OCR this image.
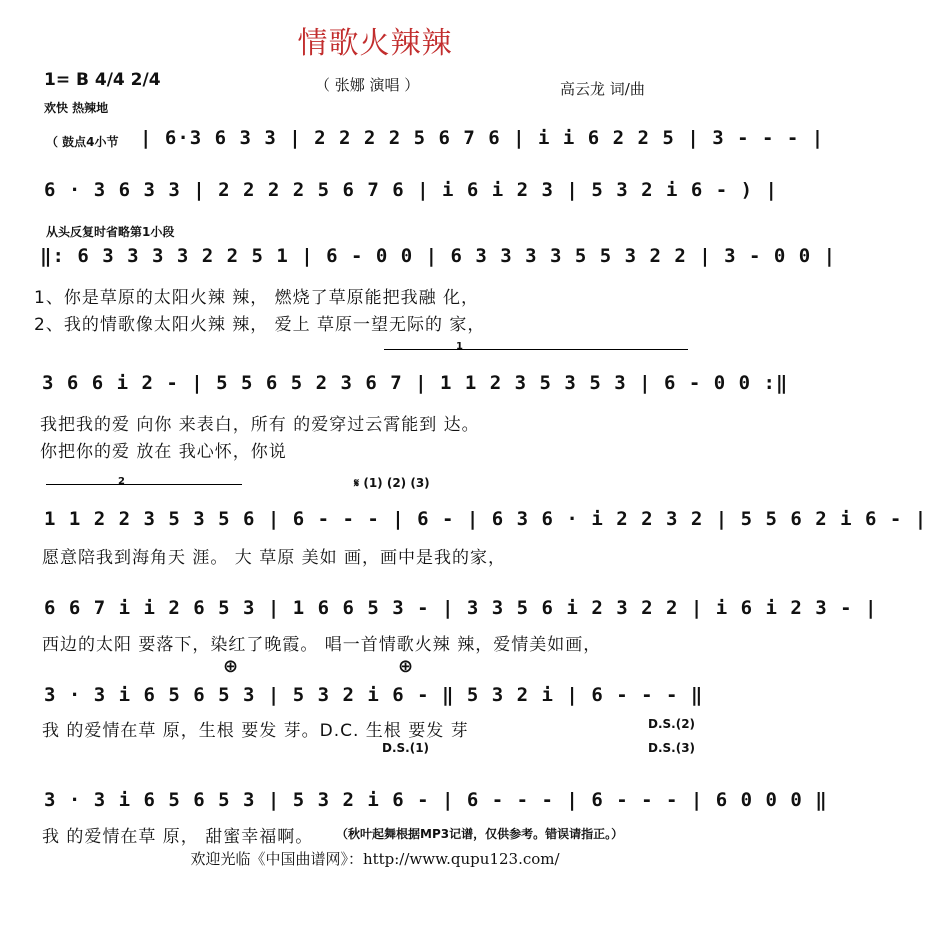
情歌火辣辣
（ 张娜 演唱 ）
1= B 4/4 2/4
欢快 热辣地
高云龙 词/曲
（ 鼓点4小节 | 6·3 6 3 3 | 2 2 2 2 5 6 7 6 | i i 6 2 2 5 | 3 - - - |
6 · 3 6 3 3 | 2 2 2 2 5 6 7 6 | i 6 i 2 3 | 5 3 2 i 6 - ) |
从头反复时省略第1小段
‖: 6 3 3 3 3 2 2 5 1 | 6 - 0 0 | 6 3 3 3 3 5 5 3 2 2 | 3 - 0 0 |
1、你是草原的太阳火辣 辣， 燃烧了草原能把我融 化，
2、我的情歌像太阳火辣 辣， 爱上 草原一望无际的 家，
1
3 6 6 i 2 - | 5 5 6 5 2 3 6 7 | 1 1 2 3 5 3 5 3 | 6 - 0 0 :‖
我把我的爱 向你 来表白，所有 的爱穿过云霄能到 达。
你把你的爱 放在 我心怀，你说
2	𝄋 (1) (2) (3)
1 1 2 2 3 5 3 5 6 | 6 - - - | 6 - | 6 3 6 · i 2 2 3 2 | 5 5 6 2 i 6 - |
愿意陪我到海角天 涯。 大 草原 美如 画，画中是我的家，
6 6 7 i i 2 6 5 3 | 1 6 6 5 3 - | 3 3 5 6 i 2 3 2 2 | i 6 i 2 3 - |
西边的太阳 要落下，染红了晚霞。 唱一首情歌火辣 辣，爱情美如画，
⊕	⊕
3 · 3 i 6 5 6 5 3 | 5 3 2 i 6 - ‖ 5 3 2 i | 6 - - - ‖
我 的爱情在草 原，生根 要发 芽。D.C. 生根 要发 芽
D.S.(1)
D.S.(2)
D.S.(3)
3 · 3 i 6 5 6 5 3 | 5 3 2 i 6 - | 6 - - - | 6 - - - | 6 0 0 0 ‖
我 的爱情在草 原， 甜蜜幸福啊。 （秋叶起舞根据MP3记谱，仅供参考。错误请指正。）
欢迎光临《中国曲谱网》：http://www.qupu123.com/
